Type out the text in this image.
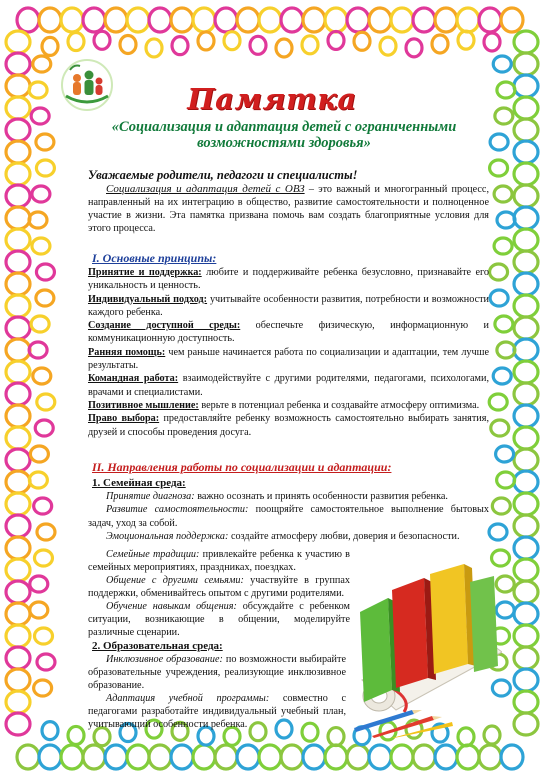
Памятка
«Социализация и адаптация детей с ограниченными возможностями здоровья»
Уважаемые родители, педагоги и специалисты!

Социализация и адаптация детей с ОВЗ – это важный и многогранный процесс, направленный на их интеграцию в общество, развитие самостоятельности и полноценное участие в жизни. Эта памятка призвана помочь вам создать благоприятные условия для этого процесса.

I. Основные принципы:

Принятие и поддержка: любите и поддерживайте ребенка безусловно, признавайте его уникальность и ценность.

Индивидуальный подход: учитывайте особенности развития, потребности и возможности каждого ребенка.

Создание доступной среды: обеспечьте физическую, информационную и коммуникационную доступность.

Ранняя помощь: чем раньше начинается работа по социализации и адаптации, тем лучше результаты.

Командная работа: взаимодействуйте с другими родителями, педагогами, психологами, врачами и специалистами.

Позитивное мышление: верьте в потенциал ребенка и создавайте атмосферу оптимизма.

Право выбора: предоставляйте ребенку возможность самостоятельно выбирать занятия, друзей и способы проведения досуга.

II. Направления работы по социализации и адаптации:
1. Семейная среда:

Принятие диагноза: важно осознать и принять особенности развития ребенка.

Развитие самостоятельности: поощряйте самостоятельное выполнение бытовых задач, уход за собой.

Эмоциональная поддержка: создайте атмосферу любви, доверия и безопасности.

Семейные традиции: привлекайте ребенка к участию в семейных мероприятиях, праздниках, поездках.

Общение с другими семьями: участвуйте в группах поддержки, обменивайтесь опытом с другими родителями.

Обучение навыкам общения: обсуждайте с ребенком ситуации, возникающие в общении, моделируйте различные сценарии.

2. Образовательная среда:

Инклюзивное образование: по возможности выбирайте образовательные учреждения, реализующие инклюзивное образование.

Адаптация учебной программы: совместно с педагогами разработайте индивидуальный учебный план, учитывающий особенности ребенка.
